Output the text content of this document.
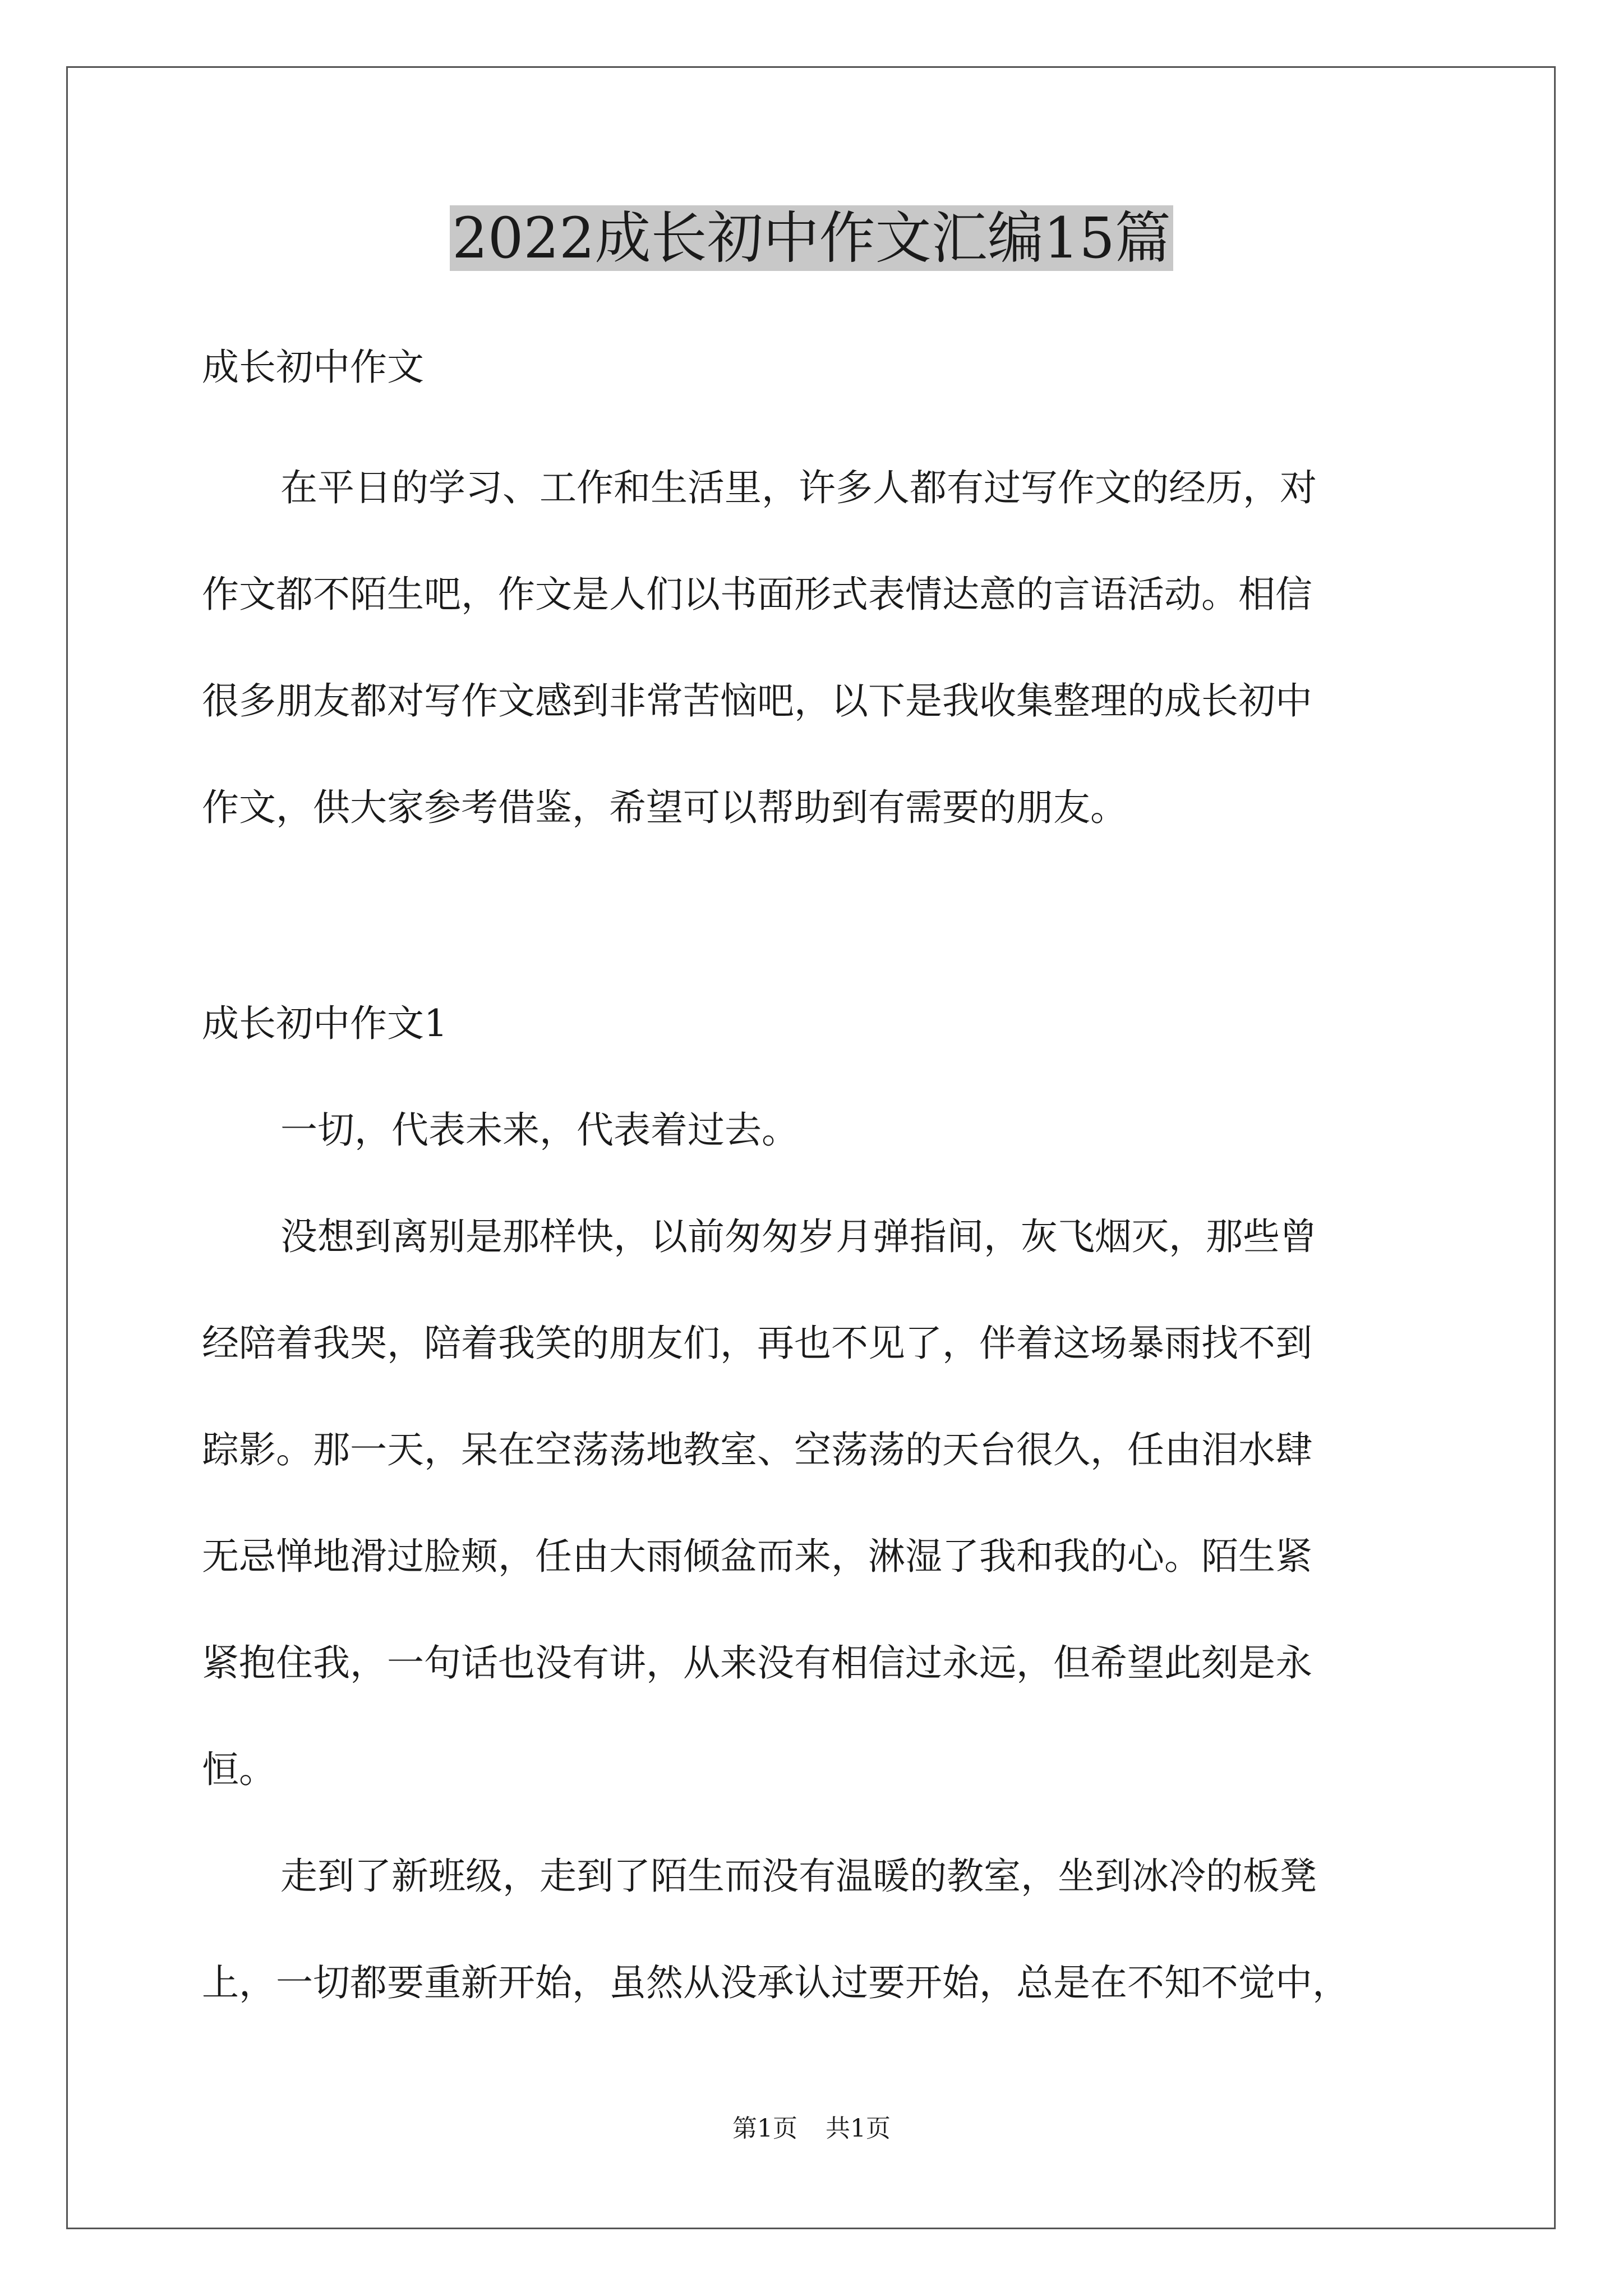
2022成长初中作文汇编15篇

成长初中作文

在平日的学习、工作和生活里，许多人都有过写作文的经历，对

作文都不陌生吧，作文是人们以书面形式表情达意的言语活动。相信

很多朋友都对写作文感到非常苦恼吧，以下是我收集整理的成长初中

作文，供大家参考借鉴，希望可以帮助到有需要的朋友。

成长初中作文1

一切，代表未来，代表着过去。

没想到离别是那样快，以前匆匆岁月弹指间，灰飞烟灭，那些曾

经陪着我哭，陪着我笑的朋友们，再也不见了，伴着这场暴雨找不到

踪影。那一天，呆在空荡荡地教室、空荡荡的天台很久，任由泪水肆

无忌惮地滑过脸颊，任由大雨倾盆而来，淋湿了我和我的心。陌生紧

紧抱住我，一句话也没有讲，从来没有相信过永远，但希望此刻是永

恒。

走到了新班级，走到了陌生而没有温暖的教室，坐到冰冷的板凳

上，一切都要重新开始，虽然从没承认过要开始，总是在不知不觉中，

第1页 共1页
